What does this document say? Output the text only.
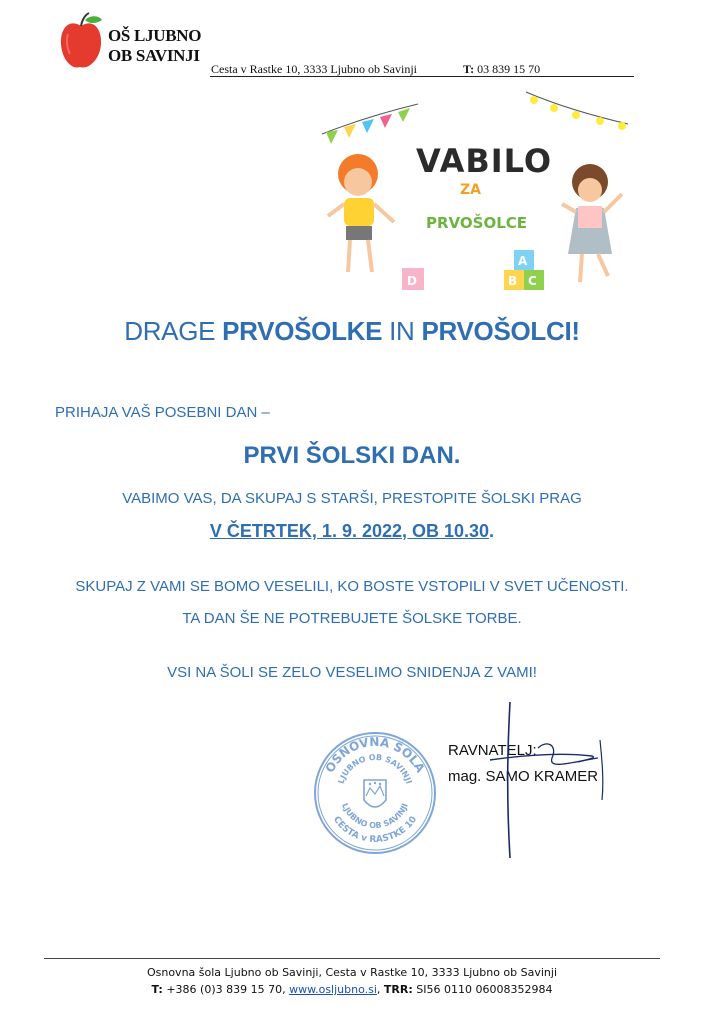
OŠ LJUBNO
OB SAVINJI
Cesta v Rastke 10, 3333 Ljubno ob Savinji	T: 03 839 15 70
VABILO
ZA
PRVOŠOLCE
D
A
B C
DRAGE PRVOŠOLKE IN PRVOŠOLCI!
PRIHAJA VAŠ POSEBNI DAN –
PRVI ŠOLSKI DAN.
VABIMO VAS, DA SKUPAJ S STARŠI, PRESTOPITE ŠOLSKI PRAG
V ČETRTEK, 1. 9. 2022, OB 10.30.
SKUPAJ Z VAMI SE BOMO VESELILI, KO BOSTE VSTOPILI V SVET UČENOSTI.
TA DAN ŠE NE POTREBUJETE ŠOLSKE TORBE.
VSI NA ŠOLI SE ZELO VESELIMO SNIDENJA Z VAMI!
OSNOVNA ŠOLA
LJUBNO OB SAVINJI
CESTA v RASTKE 10
LJUBNO OB SAVINJI
RAVNATELJ:
mag. SAMO KRAMER
Osnovna šola Ljubno ob Savinji, Cesta v Rastke 10, 3333 Ljubno ob Savinji
T: +386 (0)3 839 15 70, www.osljubno.si, TRR: SI56 0110 06008352984
